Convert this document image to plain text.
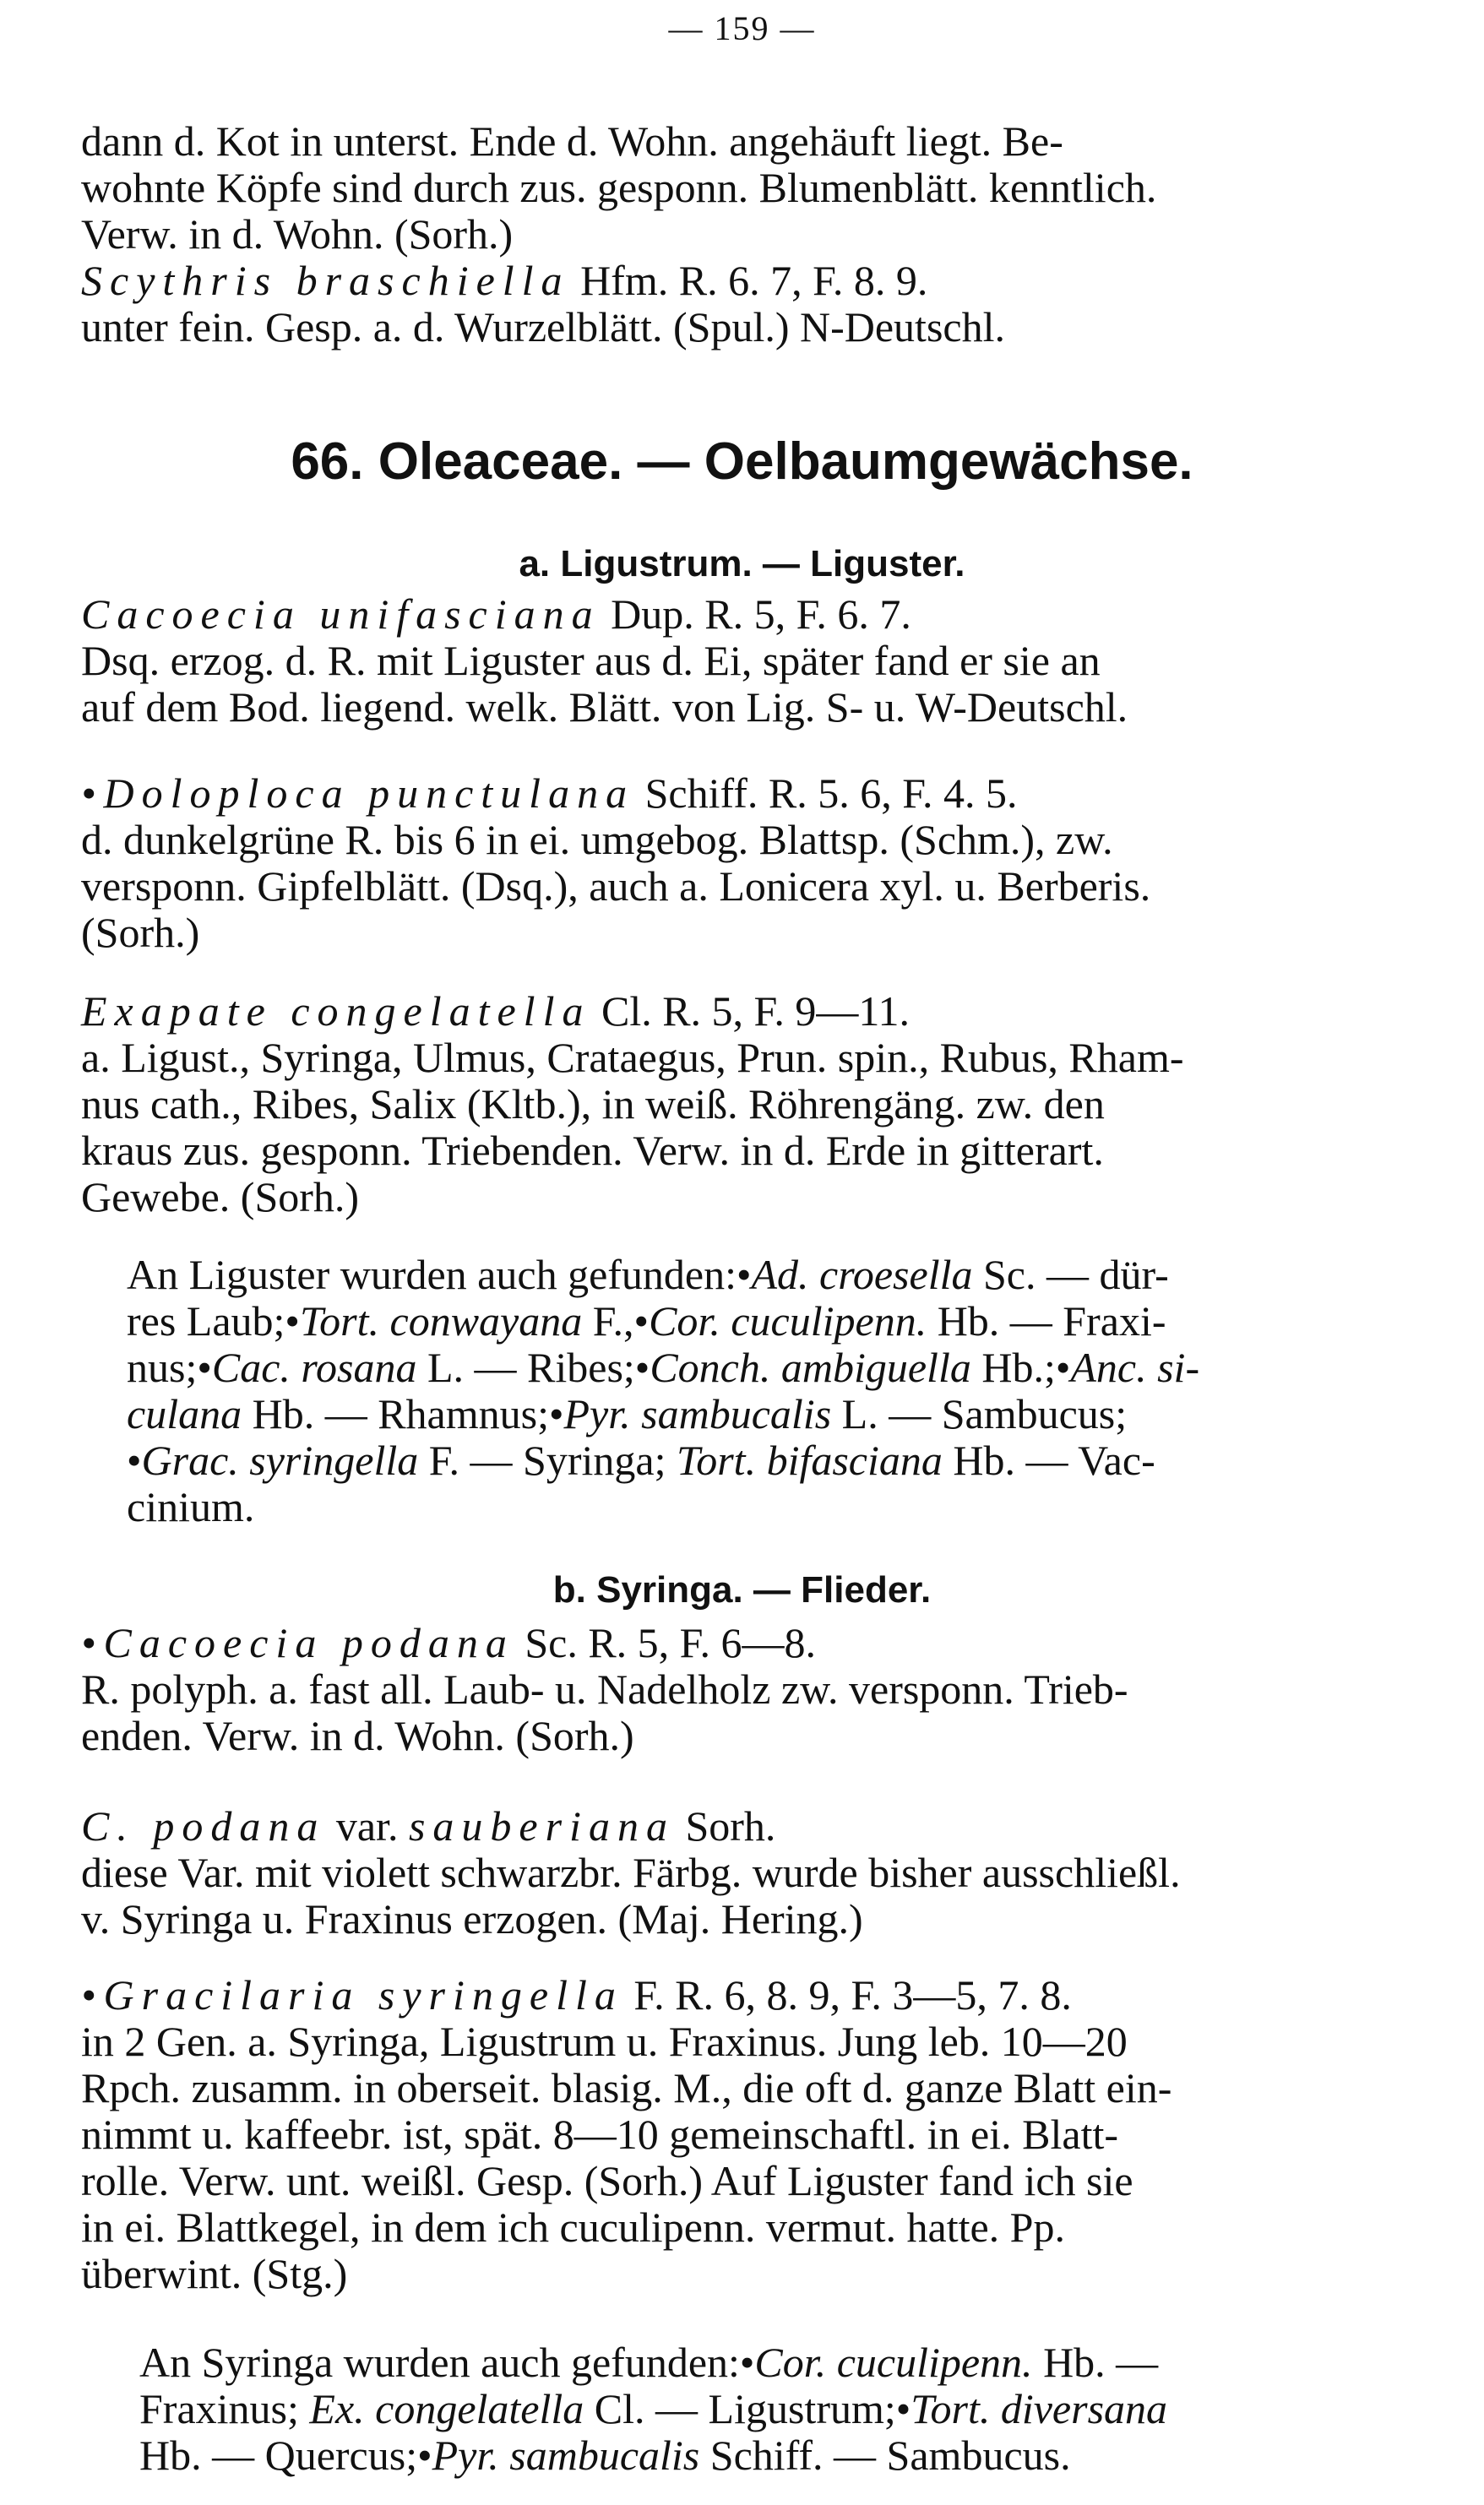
— 159 —
dann d. Kot in unterst. Ende d. Wohn. angehäuft liegt. Be-
wohnte Köpfe sind durch zus. gesponn. Blumenblätt. kenntlich.
Verw. in d. Wohn. (Sorh.)
Scythris braschiella Hfm. R. 6. 7, F. 8. 9.
unter fein. Gesp. a. d. Wurzelblätt. (Spul.) N-Deutschl.
66. Oleaceae. — Oelbaumgewächse.
a. Ligustrum. — Liguster.
Cacoecia unifasciana Dup. R. 5, F. 6. 7.
Dsq. erzog. d. R. mit Liguster aus d. Ei, später fand er sie an
auf dem Bod. liegend. welk. Blätt. von Lig. S- u. W-Deutschl.
•Doloploca punctulana Schiff. R. 5. 6, F. 4. 5.
d. dunkelgrüne R. bis 6 in ei. umgebog. Blattsp. (Schm.), zw.
versponn. Gipfelblätt. (Dsq.), auch a. Lonicera xyl. u. Berberis.
(Sorh.)
Exapate congelatella Cl. R. 5, F. 9—11.
a. Ligust., Syringa, Ulmus, Crataegus, Prun. spin., Rubus, Rham-
nus cath., Ribes, Salix (Kltb.), in weiß. Röhrengäng. zw. den
kraus zus. gesponn. Triebenden. Verw. in d. Erde in gitterart.
Gewebe. (Sorh.)
An Liguster wurden auch gefunden:•Ad. croesella Sc. — dür-
res Laub;•Tort. conwayana F.,•Cor. cuculipenn. Hb. — Fraxi-
nus;•Cac. rosana L. — Ribes;•Conch. ambiguella Hb.;•Anc. si-
culana Hb. — Rhamnus;•Pyr. sambucalis L. — Sambucus;
•Grac. syringella F. — Syringa; Tort. bifasciana Hb. — Vac-
cinium.
b. Syringa. — Flieder.
•Cacoecia podana Sc. R. 5, F. 6—8.
R. polyph. a. fast all. Laub- u. Nadelholz zw. versponn. Trieb-
enden. Verw. in d. Wohn. (Sorh.)
C. podana var. sauberiana Sorh.
diese Var. mit violett schwarzbr. Färbg. wurde bisher ausschließl.
v. Syringa u. Fraxinus erzogen. (Maj. Hering.)
•Gracilaria syringella F. R. 6, 8. 9, F. 3—5, 7. 8.
in 2 Gen. a. Syringa, Ligustrum u. Fraxinus. Jung leb. 10—20
Rpch. zusamm. in oberseit. blasig. M., die oft d. ganze Blatt ein-
nimmt u. kaffeebr. ist, spät. 8—10 gemeinschaftl. in ei. Blatt-
rolle. Verw. unt. weißl. Gesp. (Sorh.) Auf Liguster fand ich sie
in ei. Blattkegel, in dem ich cuculipenn. vermut. hatte. Pp.
überwint. (Stg.)
An Syringa wurden auch gefunden:•Cor. cuculipenn. Hb. —
Fraxinus; Ex. congelatella Cl. — Ligustrum;•Tort. diversana
Hb. — Quercus;•Pyr. sambucalis Schiff. — Sambucus.
